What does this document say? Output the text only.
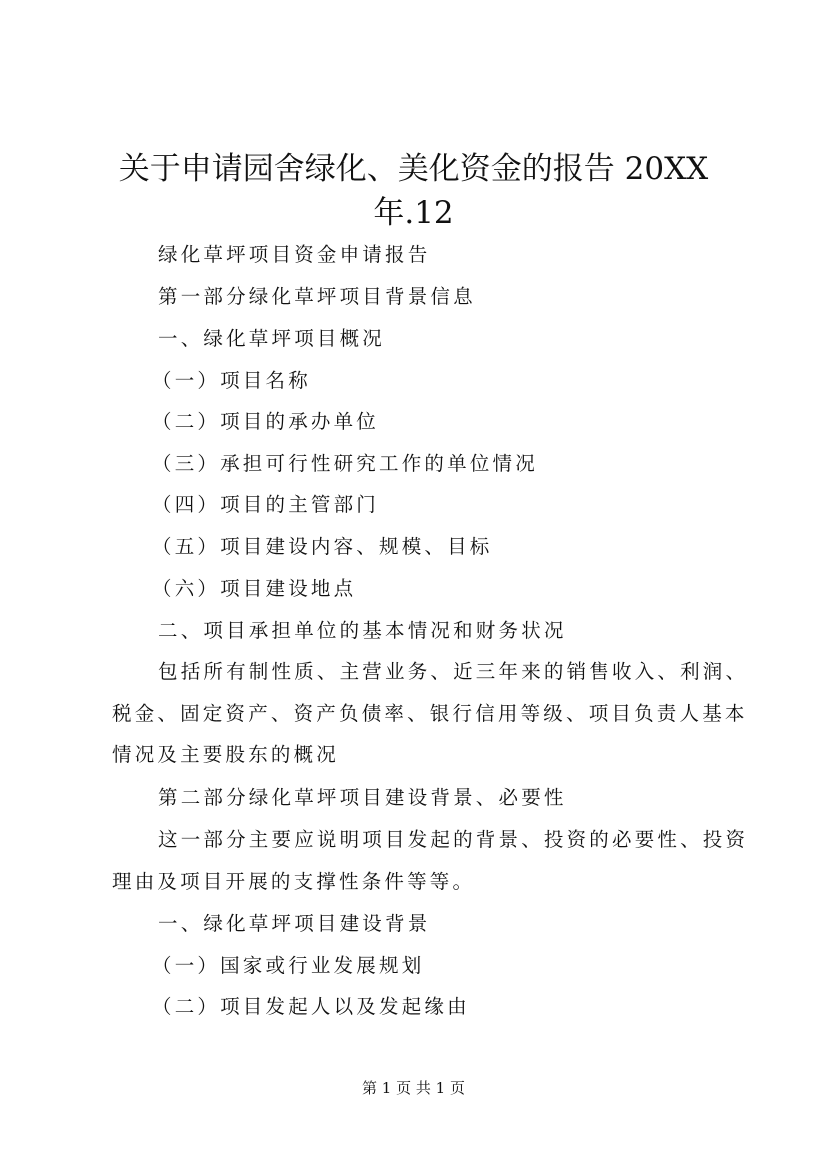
关于申请园舍绿化、美化资金的报告 20XX
年.12
绿化草坪项目资金申请报告
第一部分绿化草坪项目背景信息
一、绿化草坪项目概况
（一）项目名称
（二）项目的承办单位
（三）承担可行性研究工作的单位情况
（四）项目的主管部门
（五）项目建设内容、规模、目标
（六）项目建设地点
二、项目承担单位的基本情况和财务状况
包括所有制性质、主营业务、近三年来的销售收入、利润、
税金、固定资产、资产负债率、银行信用等级、项目负责人基本
情况及主要股东的概况
第二部分绿化草坪项目建设背景、必要性
这一部分主要应说明项目发起的背景、投资的必要性、投资
理由及项目开展的支撑性条件等等。
一、绿化草坪项目建设背景
（一）国家或行业发展规划
（二）项目发起人以及发起缘由
第 1 页 共 1 页
